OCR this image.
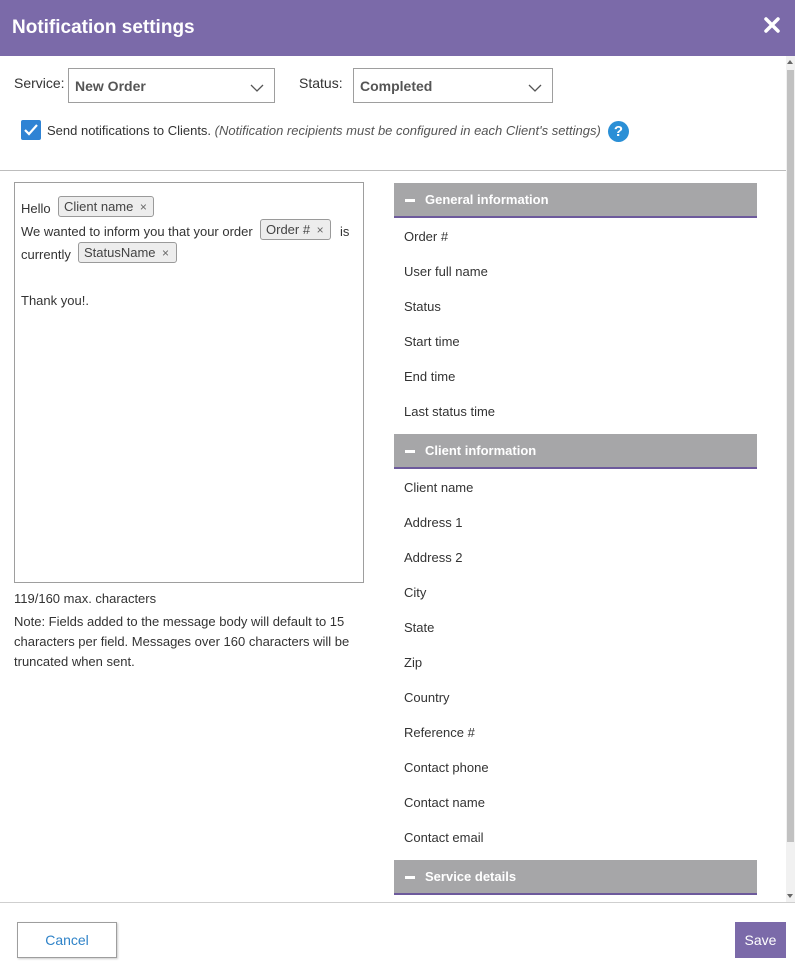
Notification settings
Service: New Order	Status: Completed
Send notifications to Clients. (Notification recipients must be configured in each Client's settings) ?
Hello	Client name ×
We wanted to inform you that your order	Order # ×	is
currently	StatusName ×
Thank you!.
119/160 max. characters
Note: Fields added to the message body will default to 15 characters per field. Messages over 160 characters will be truncated when sent.
General information
Order #
User full name
Status
Start time
End time
Last status time
Client information
Client name
Address 1
Address 2
City
State
Zip
Country
Reference #
Contact phone
Contact name
Contact email
Service details
Cancel	Save
